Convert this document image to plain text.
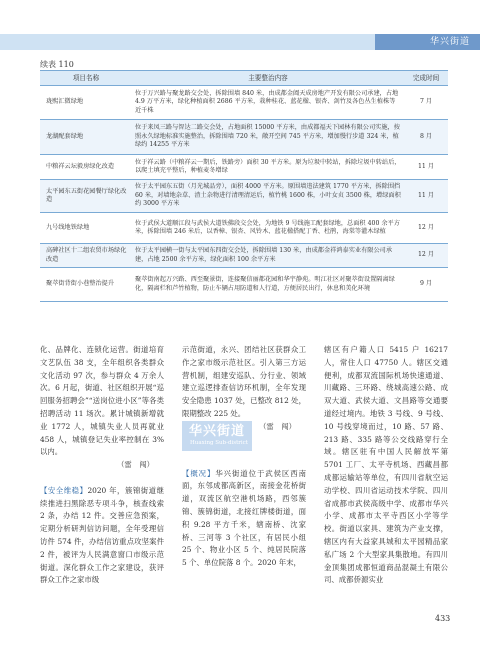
华兴街道
续表 110
项目名称	主要整治内容	完成时间
珑熙汇微绿地	位于万兴路与聚龙路交会处，拆除围墙 840 米，由成都金阖天成房地产开发有限公司承建，占地 4.9 万平方米，绿化种植面积 2686 平方米，栽种桂花、蓝花楹、银杏、剑竹及各色丛生植株等近千株	7 月
龙湖配套绿地	位于来凤三路与智达二路交会处，占地面积 15000 平方米，由成都福天下园林有限公司实施，按照永久绿地标准实施整治，拆除围墙 720 米，敞开空间 745 平方米，增加慢行步道 324 米，植绿约 14255 平方米	8 月
中粮祥云坛毅房绿化改造	位于祥云路（中粮祥云一期后，铁路旁）面积 30 平方米。原为垃圾中转站，拆除垃圾中转站后，以爬土填充平整后，种植麦冬增绿	11 月
太平园东五街花园餐厅绿化改造	位于太平园东五街（月光城品旁），面积 4000 平方米。原围墙违法建筑 1770 平方米，拆除围挡 60 米，对墙地杂草、渣土杂物进行清理清运后，植竹桃 1600 株，小叶女贞 3500 株，增绿面积约 3000 平方米	11 月
九号线地铁绿地	位于武侯大道顺江段与武侯大道铁佛段交会处，为地铁 9 号线施工配套绿地，总面积 400 余平方米，拆除围墙 246 米后，以香樟、银杏、风铃木、蓝花楹搭配丁香、杜鹃，海棠等灌木绿植	12 月
高碑社区十二组农贸市场绿化改造	位于太平园横一街与太平园东四街交会处，拆除围墙 130 米，由成都金祥鸿泰实业有限公司承建，占地 2500 余平方米，绿化面积 100 余平方米	12 月
聚萃街背街小巷整治提升	聚萃街南起万兴路、西至聚景街，连接聚信丽都花园和华宇静苑。明江社区对聚萃街设置隔离绿化，隔离栏和芦竹植物，防止车辆占用防道和人行道，方便居民出行，休息和美化环境	9 月

化、品牌化、连锁化运营。街道培育文艺队伍 38 支，全年组织各类群众文化活动 97 次，参与群众 4 万余人次。6 月起，街道、社区组织开展“巡回服务招聘会”“送岗位进小区”等各类招聘活动 11 场次。累计城镇新增就业 1772 人，城镇失业人员再就业 458 人，城镇登记失业率控制在 3% 以内。

（雷　闯）

【安全维稳】2020 年，簇锦街道继续推进扫黑除恶专项斗争，核查线索 2 条，办结 12 件。交善应急预案，定期分析研判信访问题，全年受理信访件 574 件，办结信访重点攻坚案件 2 件，被评为人民满意窗口市级示范街道。深化群众工作之家建设，获评群众工作之家市级

示范街道，永兴、团结社区获群众工作之家市级示范社区。引入第三方运营机制，组建安巡队、分行业、领域建立巡逻排查信访环机制，全年发现安全隐患 1037 处，已整改 812 处，限期整改 225 处。

（雷　闯）

【概况】华兴街道位于武侯区西南面，东邻成都高新区，南接金花桥街道，双流区航空港机场路，西邻簇锦、簇锦街道，北接红牌楼街道，面积 9.28 平方千米，辖南桥、沈家桥、三河等 3 个社区，有居民小组 25 个、物业小区 5 个、纯居民院落 5 个、单位院落 8 个。2020 年末，

华兴街道
Huaxing Sub-district

辖区有户籍人口 5415 户 16217 人，常住人口 47750 人。辖区交通便利，成都双流国际机场快速通道、川藏路、三环路、绕城高速公路、成双大道、武侯大道、文昌路等交通要道经过境内。地铁 3 号线、9 号线、10 号线穿境而过，10 路、57 路、213 路、335 路等公交线路穿行全域。辖区驻有中国人民解放军第 5701 工厂、太平寺机场、西藏昌都成都运输站等单位，有四川省航空运动学校、四川省运动技术学院、四川省成都市武侯高级中学、成都市华兴小学、成都市太平寺西区小学等学校。街道以家具、建筑为产业支撑，辖区内有大益家具城和太平园精品家私广场 2 个大型家具集散地。有四川金顶集团成都恒道商品混凝土有限公司、成都侨源实业

433
